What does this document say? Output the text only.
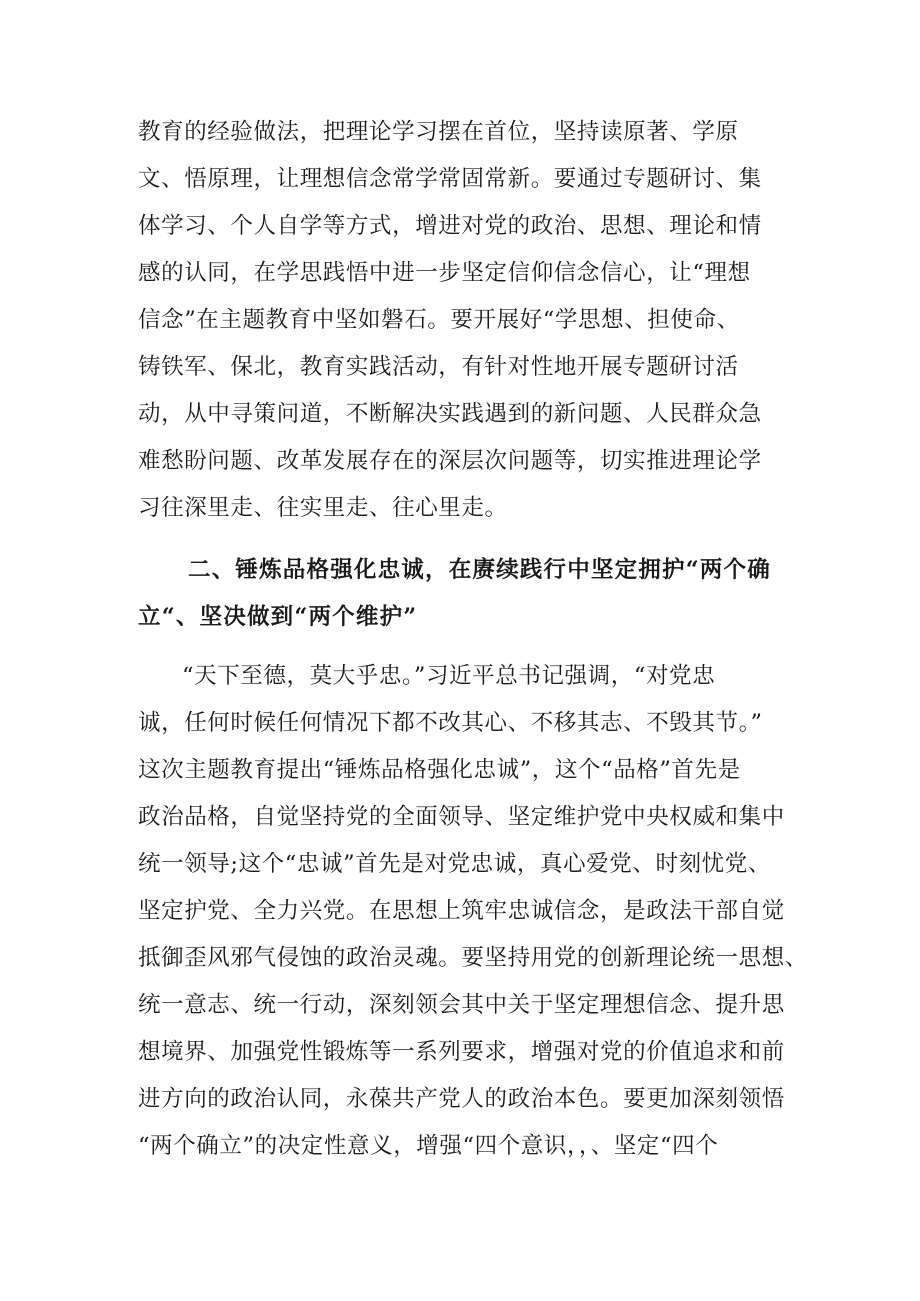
教育的经验做法，把理论学习摆在首位，坚持读原著、学原
文、悟原理，让理想信念常学常固常新。要通过专题研讨、集
体学习、个人自学等方式，增进对党的政治、思想、理论和情
感的认同，在学思践悟中进一步坚定信仰信念信心，让“理想
信念”在主题教育中坚如磐石。要开展好“学思想、担使命、
铸铁军、保北，教育实践活动，有针对性地开展专题研讨活
动，从中寻策问道，不断解决实践遇到的新问题、人民群众急
难愁盼问题、改革发展存在的深层次问题等，切实推进理论学
习往深里走、往实里走、往心里走。
二、锤炼品格强化忠诚，在赓续践行中坚定拥护“两个确
立“、坚决做到“两个维护”
“天下至德，莫大乎忠。”习近平总书记强调，“对党忠
诚，任何时候任何情况下都不改其心、不移其志、不毁其节。”
这次主题教育提出“锤炼品格强化忠诚”，这个“品格”首先是
政治品格，自觉坚持党的全面领导、坚定维护党中央权威和集中
统一领导;这个“忠诚”首先是对党忠诚，真心爱党、时刻忧党、
坚定护党、全力兴党。在思想上筑牢忠诚信念，是政法干部自觉
抵御歪风邪气侵蚀的政治灵魂。要坚持用党的创新理论统一思想、
统一意志、统一行动，深刻领会其中关于坚定理想信念、提升思
想境界、加强党性锻炼等一系列要求，增强对党的价值追求和前
进方向的政治认同，永葆共产党人的政治本色。要更加深刻领悟
“两个确立”的决定性意义，增强“四个意识，，、坚定“四个
